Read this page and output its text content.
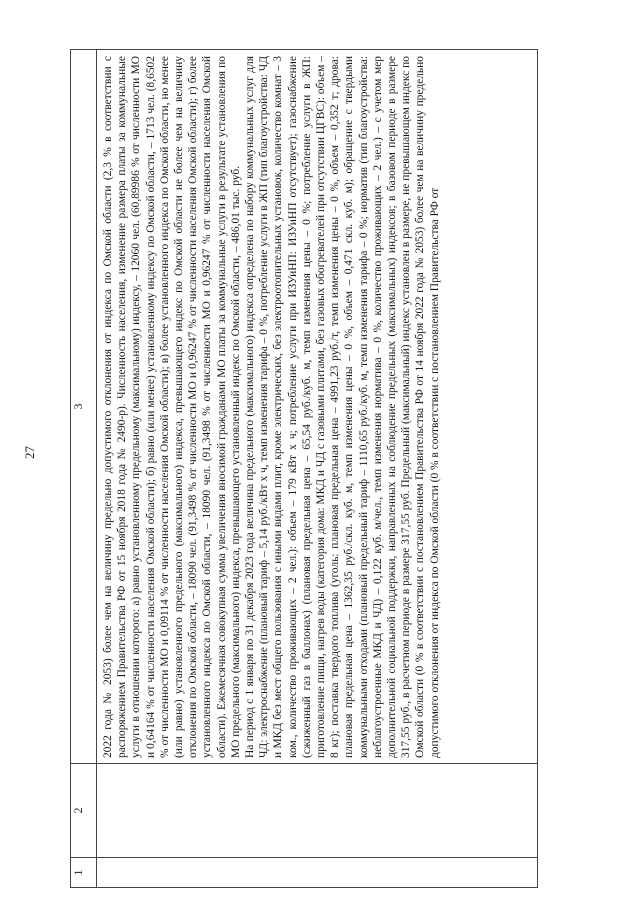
27
1	2	3

		2022 года № 2053) более чем на величину предельно допустимого отклонения от индекса по Омской области (2,3 % в соответствии с распоряжением Правительства РФ от 15 ноября 2018 года № 2490-р). Численность населения, изменение размера платы за коммунальные услуги в отношении которого: а) равно установленному предельному (максимальному) индексу, – 12060 чел. (60,89986 % от численности МО и 0,64164 % от численности населения Омской области); б) равно (или менее) установленному индексу по Омской области, – 1713 чел. (8,6502 % от численности МО и 0,09114 % от численности населения Омской области); в) более установленного индекса по Омской области, но менее (или равно) установленного предельного (максимального) индекса, превышающего индекс по Омской области не более чем на величину отклонения по Омской области, – 18090 чел. (91,3498 % от численности МО и 0,96247 % от численности населения Омской области); г) более установленного индекса по Омской области, – 18090 чел. (91,3498 % от численности МО и 0,96247 % от численности населения Омской области). Ежемесячная совокупная сумма увеличения вносимой гражданами МО платы за коммунальные услуги в результате установления по МО предельного (максимального) индекса, превышающего установленный индекс по Омской области, – 486,01 тыс. руб. На период с 1 января по 31 декабря 2023 года величина предельного (максимального) индекса определена по набору коммунальных услуг для ЧД: электроснабжение (плановый тариф – 5,14 руб./кВт х ч, темп изменения тарифа – 0 %, потребление услуги в ЖП (тип благоустройства: ЧД и МКД без мест общего пользования с иными видами плит, кроме электрических, без электроотопительных установок, количество комнат – 3 ком., количество проживающих – 2 чел.): объем – 179 кВт х ч; потребление услуги при ИЗУиНП: ИЗУиНП отсутствует); газоснабжение (сжиженный газ в баллонах) (плановая предельная цена – 65,54 руб./куб. м, темп изменения цены – 0 %; потребление услуги в ЖП: приготовление пищи, нагрев воды (категория дома: МКД и ЧД с газовыми плитами, без газовых обогревателей при отсутствии ЦГВС): объем – 8 кг); поставка твердого топлива (уголь: плановая предельная цена – 4991,23 руб./т, темп изменения цены – 0 %, объем – 0,352 т; дрова: плановая предельная цена – 1362,35 руб./скл. куб. м, темп изменения цены – 0 %, объем – 0,471 скл. куб. м); обращение с твердыми коммунальными отходами (плановый предельный тариф – 1110,65 руб./куб. м, темп изменения тарифа – 0 %; норматив (тип благоустройства: неблагоустроенные МКД и ЧД) – 0,122 куб. м/чел., темп изменения норматива – 0 %, количество проживающих – 2 чел.) – с учетом мер дополнительной социальной поддержки, направленных на соблюдение предельных (максимальных) индексов; в базовом периоде в размере 317,55 руб., в расчетном периоде в размере 317,55 руб. Предельный (максимальный) индекс установлен в размере, не превышающем индекс по Омской области (0 % в соответствии с постановлением Правительства РФ от 14 ноября 2022 года № 2053) более чем на величину предельно допустимого отклонения от индекса по Омской области (0 % в соответствии с постановлением Правительства РФ от
